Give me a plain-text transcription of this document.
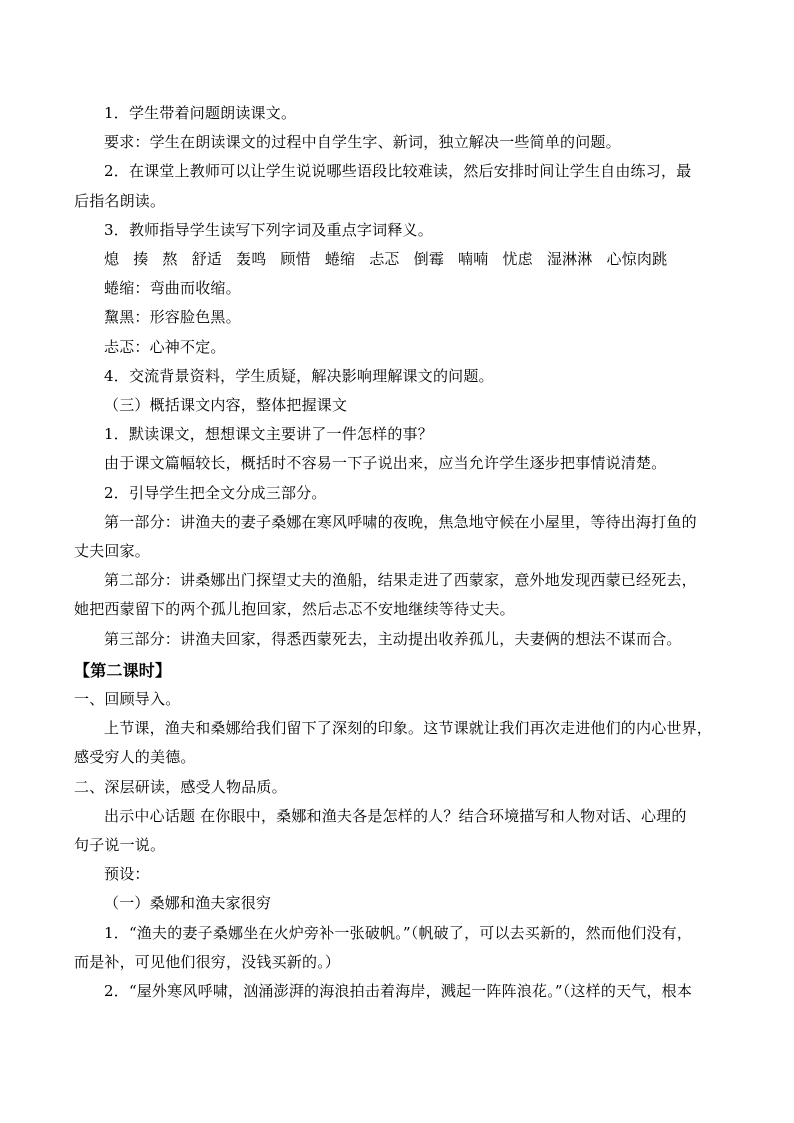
1．学生带着问题朗读课文。

要求：学生在朗读课文的过程中自学生字、新词，独立解决一些简单的问题。

2．在课堂上教师可以让学生说说哪些语段比较难读，然后安排时间让学生自由练习，最

后指名朗读。

3．教师指导学生读写下列字词及重点字词释义。

熄 揍 熬 舒适 轰鸣 顾惜 蜷缩 忐忑 倒霉 喃喃 忧虑 湿淋淋 心惊肉跳

蜷缩：弯曲而收缩。

黧黑：形容脸色黑。

忐忑：心神不定。

4．交流背景资料，学生质疑，解决影响理解课文的问题。

（三）概括课文内容，整体把握课文

1．默读课文，想想课文主要讲了一件怎样的事？

由于课文篇幅较长，概括时不容易一下子说出来，应当允许学生逐步把事情说清楚。

2．引导学生把全文分成三部分。

第一部分：讲渔夫的妻子桑娜在寒风呼啸的夜晚，焦急地守候在小屋里，等待出海打鱼的

丈夫回家。

第二部分：讲桑娜出门探望丈夫的渔船，结果走进了西蒙家，意外地发现西蒙已经死去，

她把西蒙留下的两个孤儿抱回家，然后忐忑不安地继续等待丈夫。

第三部分：讲渔夫回家，得悉西蒙死去，主动提出收养孤儿，夫妻俩的想法不谋而合。

【第二课时】

一、回顾导入。

上节课，渔夫和桑娜给我们留下了深刻的印象。这节课就让我们再次走进他们的内心世界，

感受穷人的美德。

二、深层研读，感受人物品质。

出示中心话题 在你眼中，桑娜和渔夫各是怎样的人？结合环境描写和人物对话、心理的

句子说一说。

预设：

（一）桑娜和渔夫家很穷

1．“渔夫的妻子桑娜坐在火炉旁补一张破帆。”（帆破了，可以去买新的，然而他们没有，

而是补，可见他们很穷，没钱买新的。）

2．“屋外寒风呼啸，汹涌澎湃的海浪拍击着海岸，溅起一阵阵浪花。”（这样的天气，根本
